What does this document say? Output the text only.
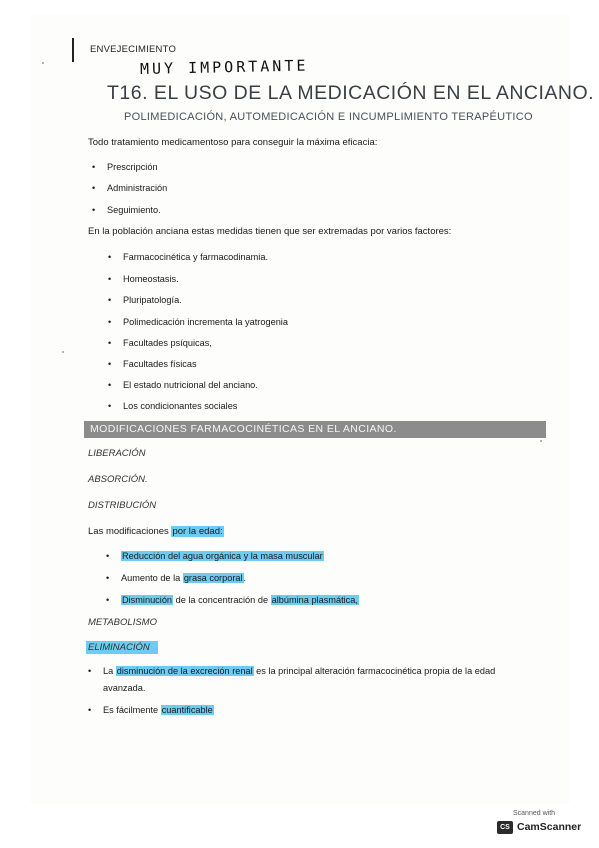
ENVEJECIMIENTO
MUY IMPORTANTE
T16. EL USO DE LA MEDICACIÓN EN EL ANCIANO.
POLIMEDICACIÓN, AUTOMEDICACIÓN E INCUMPLIMIENTO TERAPÉUTICO
Todo tratamiento medicamentoso para conseguir la máxima eficacia:
• Prescripción
• Administración
• Seguimiento.
En la población anciana estas medidas tienen que ser extremadas por varios factores:
• Farmacocinética y farmacodinamia.
• Homeostasis.
• Pluripatología.
• Polimedicación incrementa la yatrogenia
• Facultades psíquicas,
• Facultades físicas
• El estado nutricional del anciano.
• Los condicionantes sociales
MODIFICACIONES FARMACOCINÉTICAS EN EL ANCIANO.
LIBERACIÓN
ABSORCIÓN.
DISTRIBUCIÓN
Las modificaciones por la edad:
• Reducción del agua orgánica y la masa muscular
• Aumento de la grasa corporal.
• Disminución de la concentración de albúmina plasmática,
METABOLISMO
ELIMINACIÓN
• La disminución de la excreción renal es la principal alteración farmacocinética propia de la edad
avanzada.
• Es fácilmente cuantificable
Scanned with
CS CamScanner
